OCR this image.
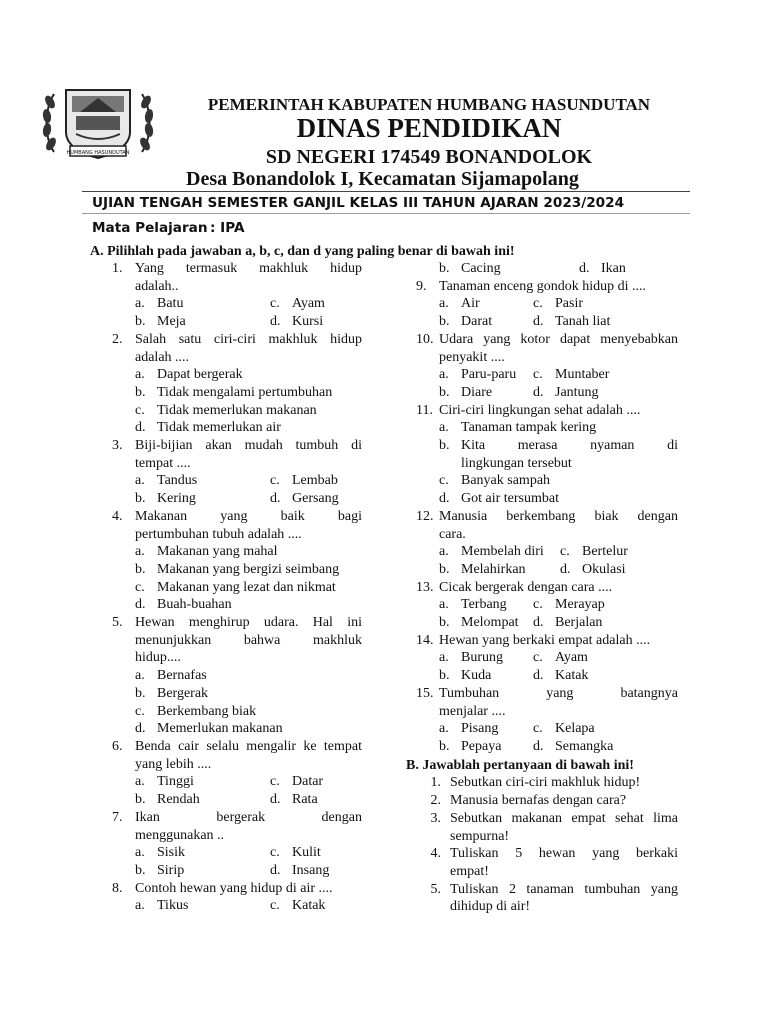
HUMBANG HASUNDUTAN
PEMERINTAH KABUPATEN HUMBANG HASUNDUTAN
DINAS PENDIDIKAN
SD NEGERI 174549 BONANDOLOK
Desa Bonandolok I, Kecamatan Sijamapolang
UJIAN TENGAH SEMESTER GANJIL KELAS III TAHUN AJARAN 2023/2024
Mata Pelajaran : IPA
A. Pilihlah pada jawaban a, b, c, dan d yang paling benar di bawah ini!
1. Yang termasuk makhluk hidup
adalah..
a. Batu	c. Ayam
b. Meja	d. Kursi
2. Salah satu ciri-ciri makhluk hidup
adalah ....
a. Dapat bergerak
b. Tidak mengalami pertumbuhan
c. Tidak memerlukan makanan
d. Tidak memerlukan air
3. Biji-bijian akan mudah tumbuh di
tempat ....
a. Tandus	c. Lembab
b. Kering	d. Gersang
4. Makanan yang baik bagi
pertumbuhan tubuh adalah ....
a. Makanan yang mahal
b. Makanan yang bergizi seimbang
c. Makanan yang lezat dan nikmat
d. Buah-buahan
5. Hewan menghirup udara. Hal ini
menunjukkan bahwa makhluk
hidup....
a. Bernafas
b. Bergerak
c. Berkembang biak
d. Memerlukan makanan
6. Benda cair selalu mengalir ke tempat
yang lebih ....
a. Tinggi	c. Datar
b. Rendah	d. Rata
7. Ikan bergerak dengan
menggunakan ..
a. Sisik	c. Kulit
b. Sirip	d. Insang
8. Contoh hewan yang hidup di air ....
a. Tikus	c. Katak
b. Cacing	d. Ikan
9. Tanaman enceng gondok hidup di ....
a. Air	c. Pasir
b. Darat	d. Tanah liat
10. Udara yang kotor dapat menyebabkan
penyakit ....
a. Paru-paru c. Muntaber
b. Diare	d. Jantung
11. Ciri-ciri lingkungan sehat adalah ....
a. Tanaman tampak kering
b. Kita merasa nyaman di
lingkungan tersebut
c. Banyak sampah
d. Got air tersumbat
12. Manusia berkembang biak dengan
cara.
a. Membelah diri c. Bertelur
b. Melahirkan d. Okulasi
13. Cicak bergerak dengan cara ....
a. Terbang c. Merayap
b. Melompat d. Berjalan
14. Hewan yang berkaki empat adalah ....
a. Burung c. Ayam
b. Kuda	d. Katak
15. Tumbuhan yang batangnya
menjalar ....
a. Pisang c. Kelapa
b. Pepaya d. Semangka
B. Jawablah pertanyaan di bawah ini!
1. Sebutkan ciri-ciri makhluk hidup!
2. Manusia bernafas dengan cara?
3. Sebutkan makanan empat sehat lima
sempurna!
4. Tuliskan 5 hewan yang berkaki
empat!
5. Tuliskan 2 tanaman tumbuhan yang
dihidup di air!
